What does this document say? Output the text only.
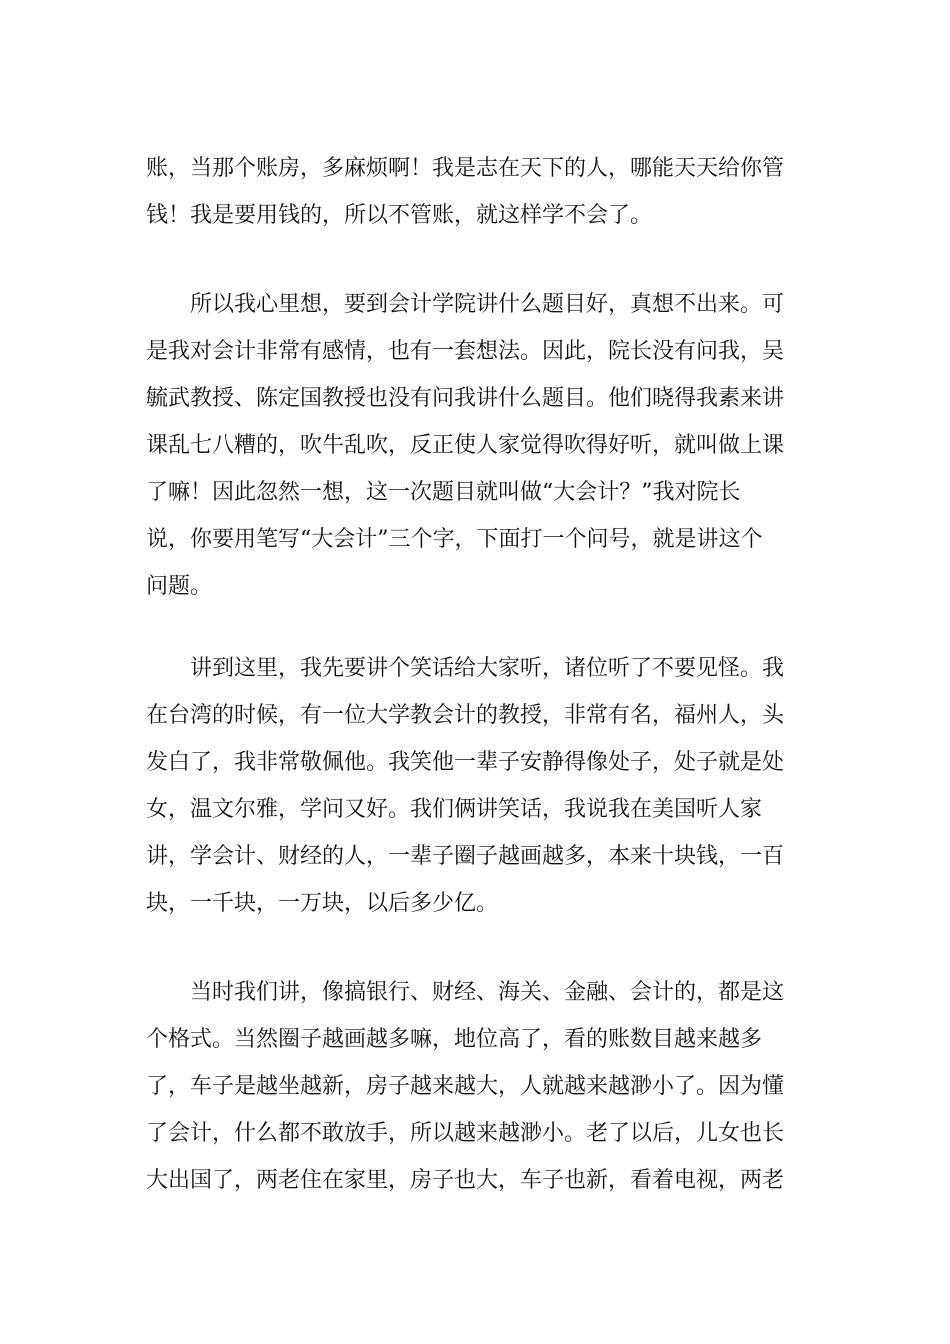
账，当那个账房，多麻烦啊！我是志在天下的人，哪能天天给你管
钱！我是要用钱的，所以不管账，就这样学不会了。

所以我心里想，要到会计学院讲什么题目好，真想不出来。可
是我对会计非常有感情，也有一套想法。因此，院长没有问我，吴
毓武教授、陈定国教授也没有问我讲什么题目。他们晓得我素来讲
课乱七八糟的，吹牛乱吹，反正使人家觉得吹得好听，就叫做上课
了嘛！因此忽然一想，这一次题目就叫做“大会计？”我对院长
说，你要用笔写“大会计”三个字，下面打一个问号，就是讲这个
问题。

讲到这里，我先要讲个笑话给大家听，诸位听了不要见怪。我
在台湾的时候，有一位大学教会计的教授，非常有名，福州人，头
发白了，我非常敬佩他。我笑他一辈子安静得像处子，处子就是处
女，温文尔雅，学问又好。我们俩讲笑话，我说我在美国听人家
讲，学会计、财经的人，一辈子圈子越画越多，本来十块钱，一百
块，一千块，一万块，以后多少亿。

当时我们讲，像搞银行、财经、海关、金融、会计的，都是这
个格式。当然圈子越画越多嘛，地位高了，看的账数目越来越多
了，车子是越坐越新，房子越来越大，人就越来越渺小了。因为懂
了会计，什么都不敢放手，所以越来越渺小。老了以后，儿女也长
大出国了，两老住在家里，房子也大，车子也新，看着电视，两老
